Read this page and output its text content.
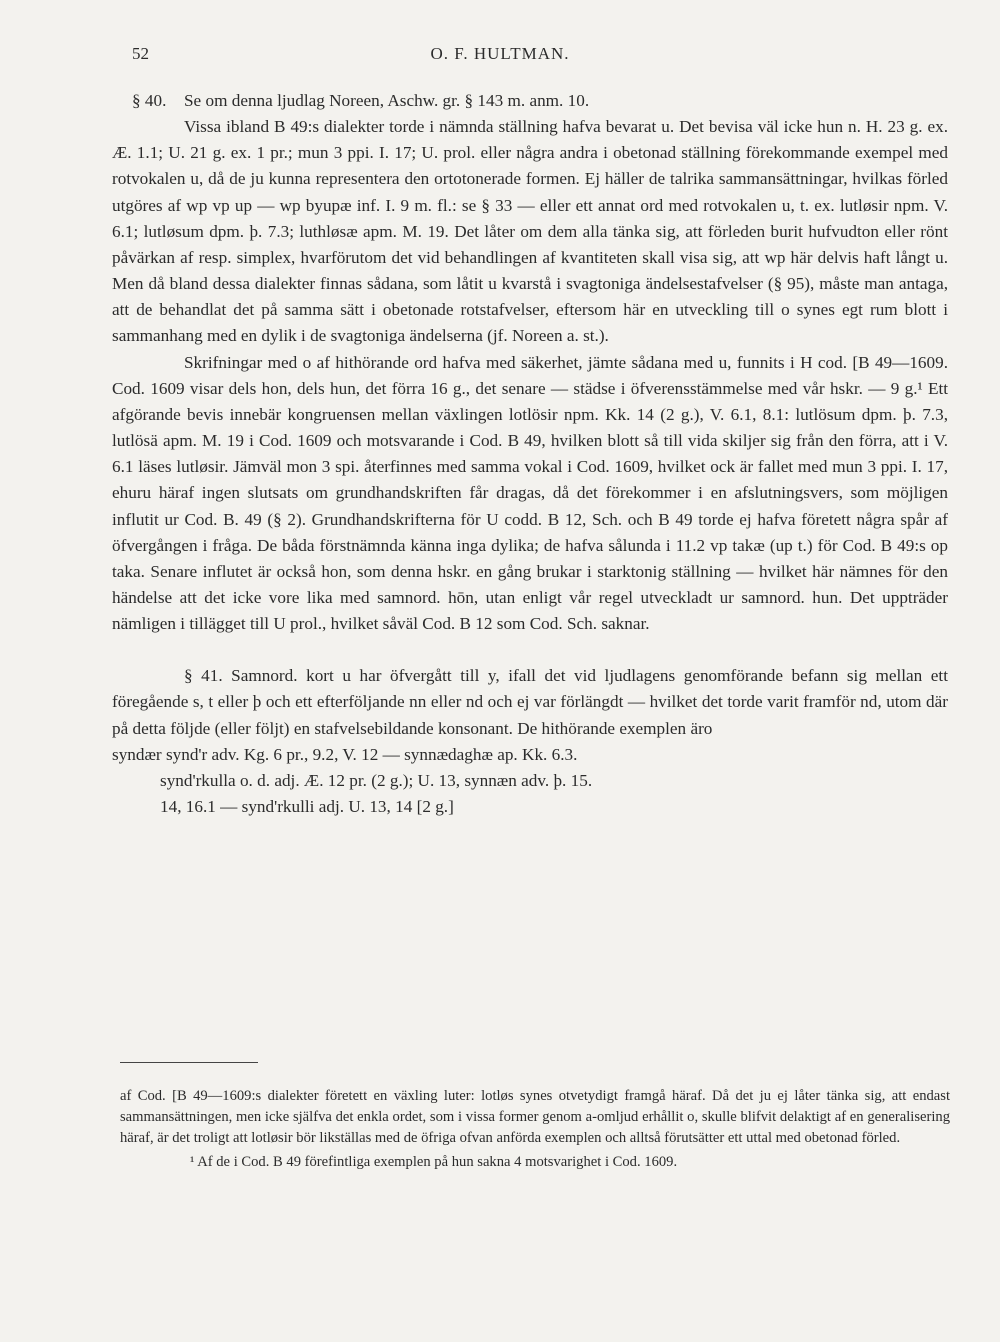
52	O. F. HULTMAN.

§ 40. Se om denna ljudlag Noreen, Aschw. gr. § 143 m. anm. 10.

Vissa ibland B 49:s dialekter torde i nämnda ställning hafva bevarat u. Det bevisa väl icke hun n. H. 23 g. ex. Æ. 1.1; U. 21 g. ex. 1 pr.; mun 3 ppi. I. 17; U. prol. eller några andra i obetonad ställning förekommande exempel med rotvokalen u, då de ju kunna representera den ortotonerade formen. Ej häller de talrika sammansättningar, hvilkas förled utgöres af wp vp up — wp byupæ inf. I. 9 m. fl.: se § 33 — eller ett annat ord med rotvokalen u, t. ex. lutløsir npm. V. 6.1; lutløsum dpm. þ. 7.3; luthløsæ apm. M. 19. Det låter om dem alla tänka sig, att förleden burit hufvudton eller rönt påvärkan af resp. simplex, hvarförutom det vid behandlingen af kvantiteten skall visa sig, att wp här delvis haft långt u. Men då bland dessa dialekter finnas sådana, som låtit u kvarstå i svagtoniga ändelsestafvelser (§ 95), måste man antaga, att de behandlat det på samma sätt i obetonade rotstafvelser, eftersom här en utveckling till o synes egt rum blott i sammanhang med en dylik i de svagtoniga ändelserna (jf. Noreen a. st.).

Skrifningar med o af hithörande ord hafva med säkerhet, jämte sådana med u, funnits i H cod. [B 49—1609. Cod. 1609 visar dels hon, dels hun, det förra 16 g., det senare — städse i öfverensstämmelse med vår hskr. — 9 g.¹ Ett afgörande bevis innebär kongruensen mellan växlingen lotlösir npm. Kk. 14 (2 g.), V. 6.1, 8.1: lutlösum dpm. þ. 7.3, lutlösä apm. M. 19 i Cod. 1609 och motsvarande i Cod. B 49, hvilken blott så till vida skiljer sig från den förra, att i V. 6.1 läses lutløsir. Jämväl mon 3 spi. återfinnes med samma vokal i Cod. 1609, hvilket ock är fallet med mun 3 ppi. I. 17, ehuru häraf ingen slutsats om grundhandskriften får dragas, då det förekommer i en afslutningsvers, som möjligen influtit ur Cod. B. 49 (§ 2). Grundhandskrifterna för U codd. B 12, Sch. och B 49 torde ej hafva företett några spår af öfvergången i fråga. De båda förstnämnda känna inga dylika; de hafva sålunda i 11.2 vp takæ (up t.) för Cod. B 49:s op taka. Senare influtet är också hon, som denna hskr. en gång brukar i starktonig ställning — hvilket här nämnes för den händelse att det icke vore lika med samnord. hōn, utan enligt vår regel utveckladt ur samnord. hun. Det uppträder nämligen i tillägget till U prol., hvilket såväl Cod. B 12 som Cod. Sch. saknar.

§ 41. Samnord. kort u har öfvergått till y, ifall det vid ljudlagens genomförande befann sig mellan ett föregående s, t eller þ och ett efterföljande nn eller nd och ej var förlängdt — hvilket det torde varit framför nd, utom där på detta följde (eller följt) en stafvelsebildande konsonant. De hithörande exemplen äro

syndær synd'r adv. Kg. 6 pr., 9.2, V. 12 — synnædaghæ ap. Kk. 6.3.
synd'rkulla o. d. adj. Æ. 12 pr. (2 g.); U. 13, synnæn adv. þ. 15.
14, 16.1 — synd'rkulli adj. U. 13, 14 [2 g.]

af Cod. [B 49—1609:s dialekter företett en växling luter: lotløs synes otvetydigt framgå häraf. Då det ju ej låter tänka sig, att endast sammansättningen, men icke själfva det enkla ordet, som i vissa former genom a-omljud erhållit o, skulle blifvit delaktigt af en generalisering häraf, är det troligt att lotløsir bör likställas med de öfriga ofvan anförda exemplen och alltså förutsätter ett uttal med obetonad förled.

¹ Af de i Cod. B 49 förefintliga exemplen på hun sakna 4 motsvarighet i Cod. 1609.
